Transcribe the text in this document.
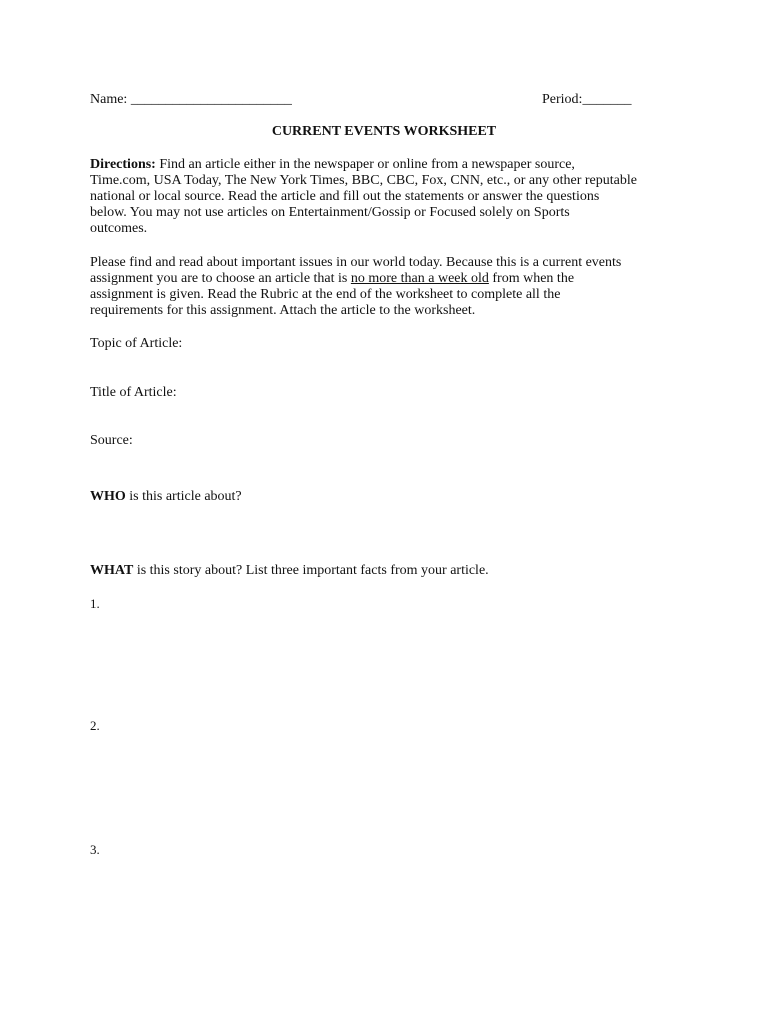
Name: _______________________	Period:_______
CURRENT EVENTS WORKSHEET
Directions: Find an article either in the newspaper or online from a newspaper source,
Time.com, USA Today, The New York Times, BBC, CBC, Fox, CNN, etc., or any other reputable
national or local source. Read the article and fill out the statements or answer the questions
below. You may not use articles on Entertainment/Gossip or Focused solely on Sports
outcomes.
Please find and read about important issues in our world today. Because this is a current events
assignment you are to choose an article that is no more than a week old from when the
assignment is given. Read the Rubric at the end of the worksheet to complete all the
requirements for this assignment. Attach the article to the worksheet.
Topic of Article:
Title of Article:
Source:
WHO is this article about?
WHAT is this story about? List three important facts from your article.
1.
2.
3.
